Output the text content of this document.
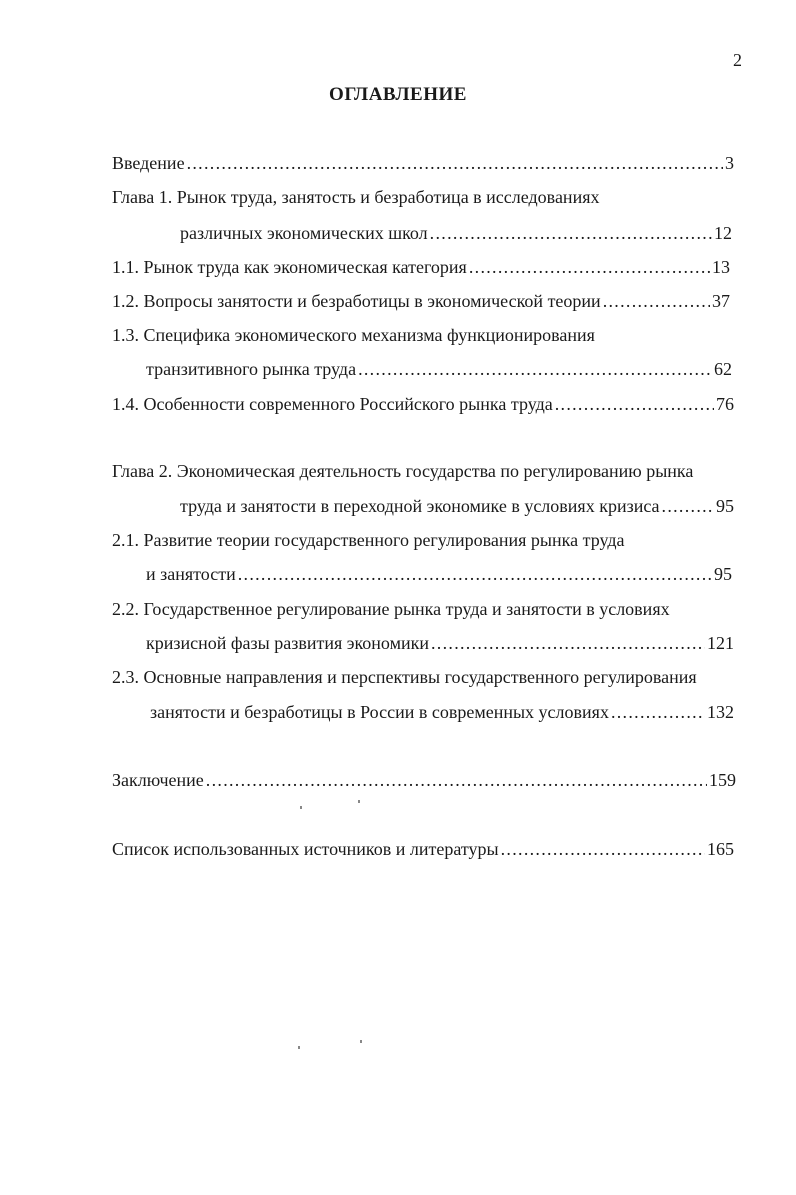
2
ОГЛАВЛЕНИЕ
Введение . . .	3
Глава 1. Рынок труда, занятость и безработица в исследованиях
различных экономических школ . . .	12
1.1. Рынок труда как экономическая категория . . .	13
1.2. Вопросы занятости и безработицы в экономической теории . . .	37
1.3. Специфика экономического механизма функционирования
транзитивного рынка труда . . .	62
1.4. Особенности современного Российского рынка труда . . .	76
Глава 2. Экономическая деятельность государства по регулированию рынка
труда и занятости в переходной экономике в условиях кризиса . . .	95
2.1. Развитие теории государственного регулирования рынка труда
и занятости . . .	95
2.2. Государственное регулирование рынка труда и занятости в условиях
кризисной фазы развития экономики . . .	121
2.3. Основные направления и перспективы государственного регулирования
занятости и безработицы в России в современных условиях . . .	132
Заключение . . .	159
Список использованных источников и литературы . . .	165
